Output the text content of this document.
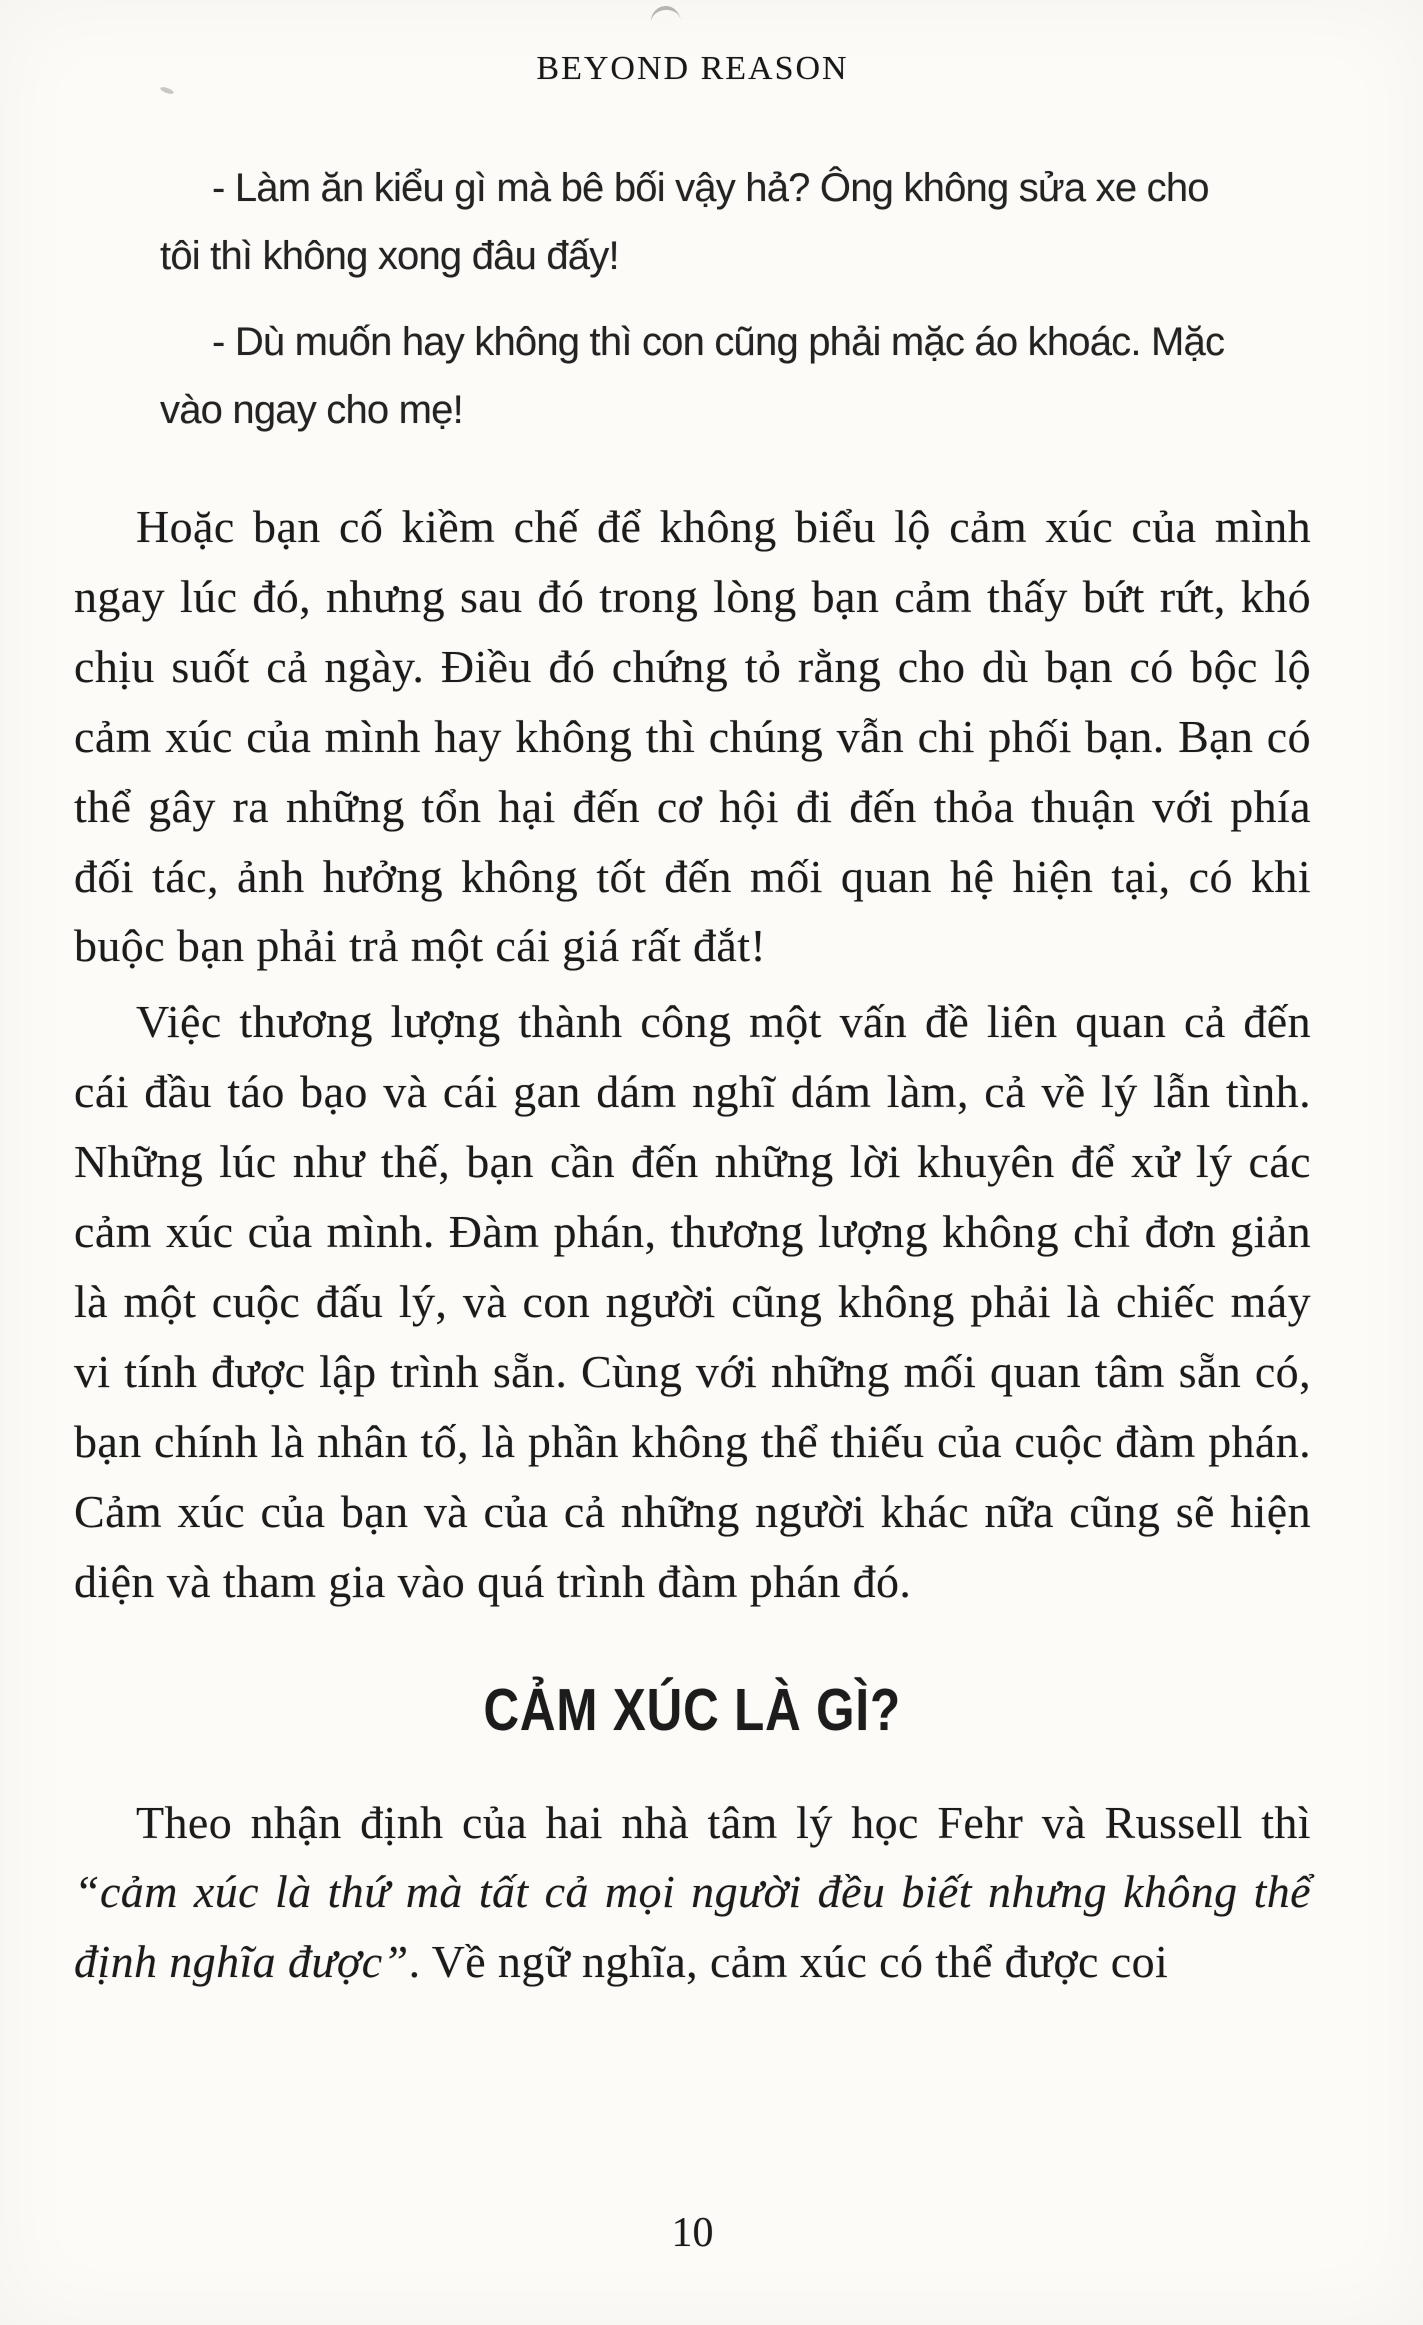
BEYOND REASON

- Làm ăn kiểu gì mà bê bối vậy hả? Ông không sửa xe cho tôi thì không xong đâu đấy!

- Dù muốn hay không thì con cũng phải mặc áo khoác. Mặc vào ngay cho mẹ!

Hoặc bạn cố kiềm chế để không biểu lộ cảm xúc của mình ngay lúc đó, nhưng sau đó trong lòng bạn cảm thấy bứt rứt, khó chịu suốt cả ngày. Điều đó chứng tỏ rằng cho dù bạn có bộc lộ cảm xúc của mình hay không thì chúng vẫn chi phối bạn. Bạn có thể gây ra những tổn hại đến cơ hội đi đến thỏa thuận với phía đối tác, ảnh hưởng không tốt đến mối quan hệ hiện tại, có khi buộc bạn phải trả một cái giá rất đắt!

Việc thương lượng thành công một vấn đề liên quan cả đến cái đầu táo bạo và cái gan dám nghĩ dám làm, cả về lý lẫn tình. Những lúc như thế, bạn cần đến những lời khuyên để xử lý các cảm xúc của mình. Đàm phán, thương lượng không chỉ đơn giản là một cuộc đấu lý, và con người cũng không phải là chiếc máy vi tính được lập trình sẵn. Cùng với những mối quan tâm sẵn có, bạn chính là nhân tố, là phần không thể thiếu của cuộc đàm phán. Cảm xúc của bạn và của cả những người khác nữa cũng sẽ hiện diện và tham gia vào quá trình đàm phán đó.

CẢM XÚC LÀ GÌ?

Theo nhận định của hai nhà tâm lý học Fehr và Russell thì “cảm xúc là thứ mà tất cả mọi người đều biết nhưng không thể định nghĩa được”. Về ngữ nghĩa, cảm xúc có thể được coi

10
